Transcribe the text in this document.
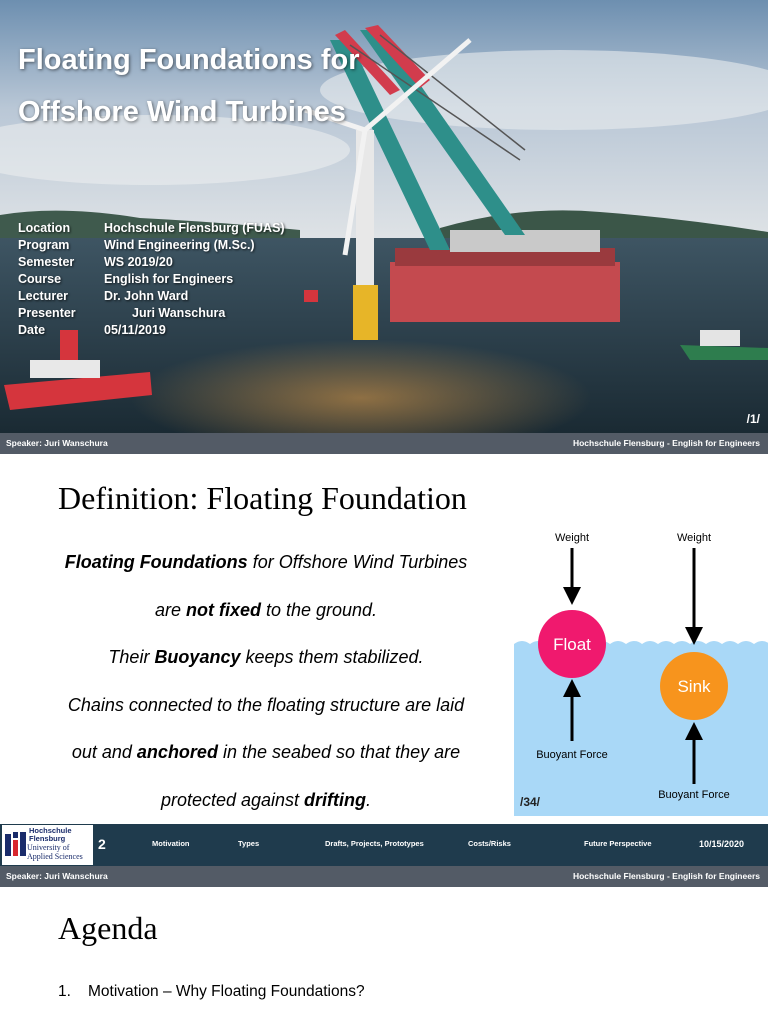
Floating Foundations for
Offshore Wind Turbines
Location	Hochschule Flensburg (FUAS)
Program	Wind Engineering (M.Sc.)
Semester WS 2019/20
Course	English for Engineers
Lecturer	Dr. John Ward
Presenter	Juri Wanschura
Date	05/11/2019
/1/
Speaker: Juri Wanschura	Hochschule Flensburg - English for Engineers
Definition: Floating Foundation

Floating Foundations for Offshore Wind Turbines

are not fixed to the ground.

Their Buoyancy keeps them stabilized.

Chains connected to the floating structure are laid

out and anchored in the seabed so that they are

protected against drifting.

Weight	Weight
Float
Sink
Buoyant Force
Buoyant Force
/34/
Hochschule
Flensburg
University of
Applied Sciences
2	Motivation	Types	Drafts, Projects, Prototypes	Costs/Risks	Future Perspective	10/15/2020
Speaker: Juri Wanschura	Hochschule Flensburg - English for Engineers
Agenda
1. Motivation – Why Floating Foundations?
